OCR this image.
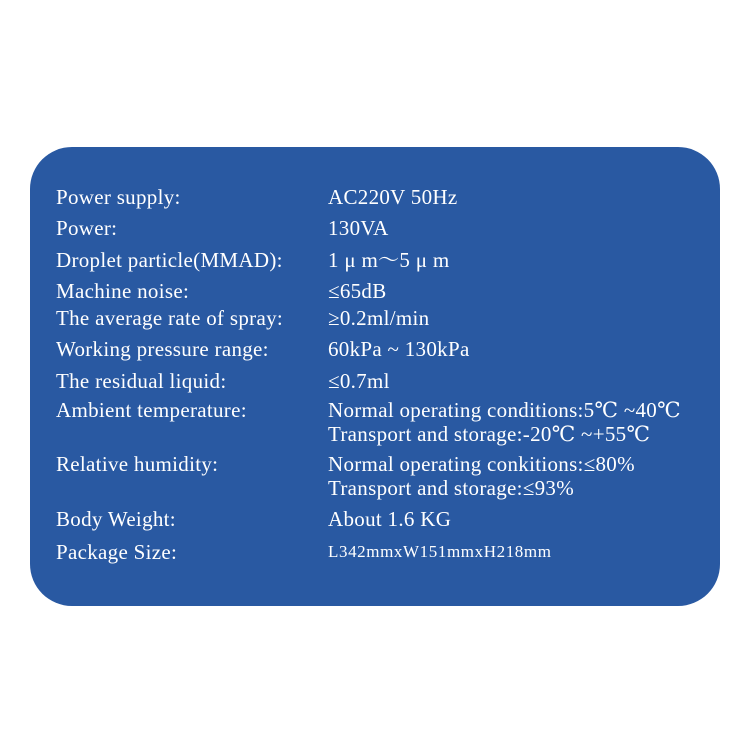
Power supply:	AC220V 50Hz
Power:	130VA
Droplet particle(MMAD): 1 μ m～5 μ m
Machine noise:	≤65dB
The average rate of spray: ≥0.2ml/min
Working pressure range:	60kPa ~ 130kPa
The residual liquid:	≤0.7ml
Ambient temperature:	Normal operating conditions:5℃ ~40℃
Transport and storage:-20℃ ~+55℃
Relative humidity:	Normal operating conkitions:≤80%
Transport and storage:≤93%
Body Weight:	About 1.6 KG
Package Size:	L342mmxW151mmxH218mm
